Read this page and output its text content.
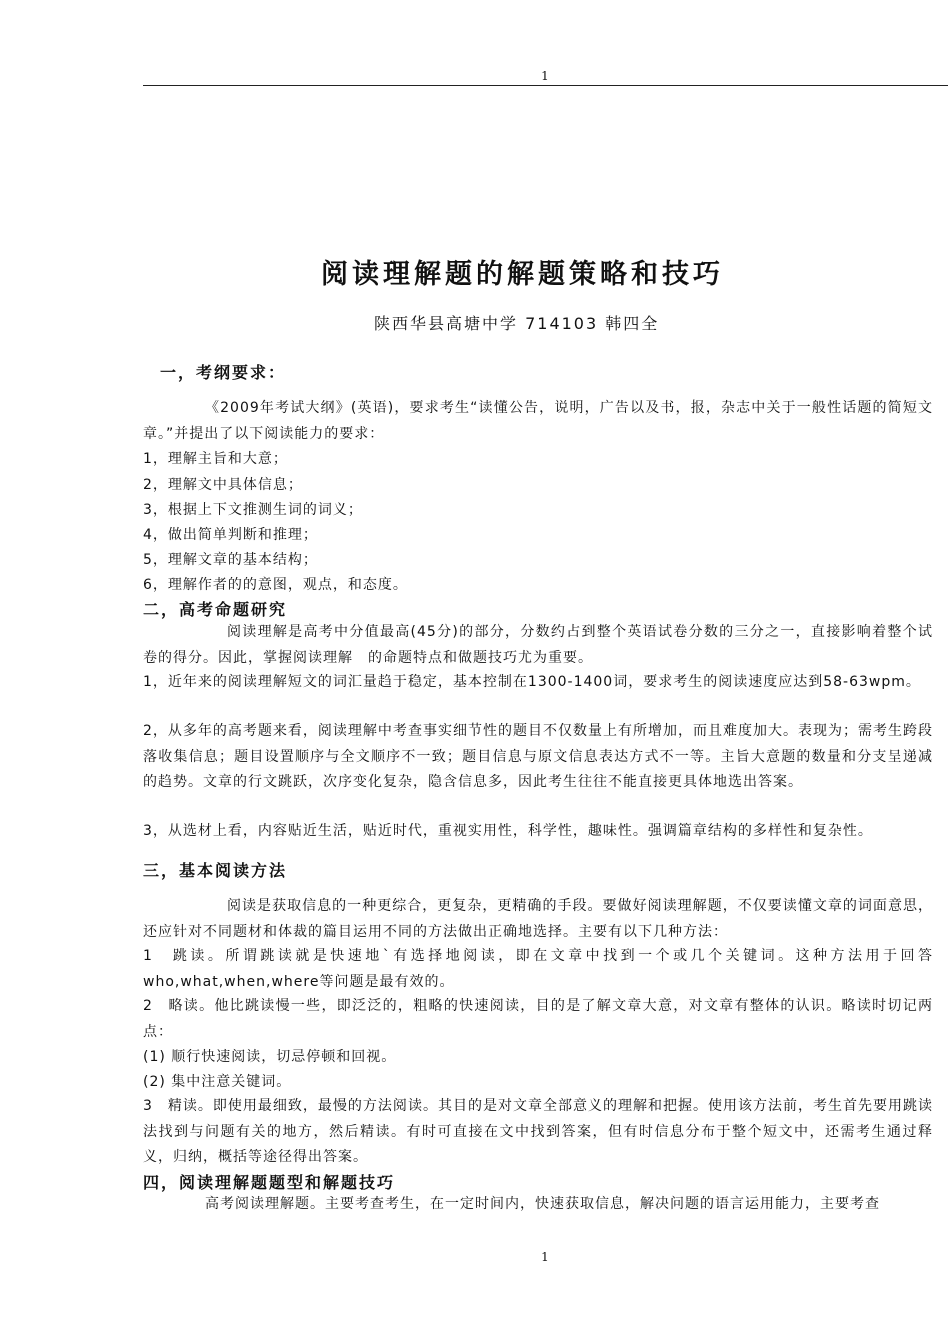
1
阅读理解题的解题策略和技巧
陕西华县高塘中学 714103 韩四全
一，考纲要求：

《2009年考试大纲》(英语)，要求考生“读懂公告，说明，广告以及书，报，杂志中关于一般性话题的简短文章。”并提出了以下阅读能力的要求：

1，理解主旨和大意；
2，理解文中具体信息；
3，根据上下文推测生词的词义；
4，做出简单判断和推理；
5，理解文章的基本结构；
6，理解作者的的意图，观点，和态度。
二，高考命题研究

阅读理解是高考中分值最高(45分)的部分，分数约占到整个英语试卷分数的三分之一，直接影响着整个试卷的得分。因此，掌握阅读理解　的命题特点和做题技巧尤为重要。

1，近年来的阅读理解短文的词汇量趋于稳定，基本控制在1300-1400词，要求考生的阅读速度应达到58-63wpm。

2，从多年的高考题来看，阅读理解中考查事实细节性的题目不仅数量上有所增加，而且难度加大。表现为；需考生跨段落收集信息；题目设置顺序与全文顺序不一致；题目信息与原文信息表达方式不一等。主旨大意题的数量和分支呈递减的趋势。文章的行文跳跃，次序变化复杂，隐含信息多，因此考生往往不能直接更具体地选出答案。

3，从选材上看，内容贴近生活，贴近时代，重视实用性，科学性，趣味性。强调篇章结构的多样性和复杂性。

三，基本阅读方法

阅读是获取信息的一种更综合，更复杂，更精确的手段。要做好阅读理解题，不仅要读懂文章的词面意思，还应针对不同题材和体裁的篇目运用不同的方法做出正确地选择。主要有以下几种方法：

1　跳读。所谓跳读就是快速地`有选择地阅读，即在文章中找到一个或几个关键词。这种方法用于回答who,what,when,where等问题是最有效的。

2　略读。他比跳读慢一些，即泛泛的，粗略的快速阅读，目的是了解文章大意，对文章有整体的认识。略读时切记两点：

(1) 顺行快速阅读，切忌停顿和回视。
(2) 集中注意关键词。

3　精读。即使用最细致，最慢的方法阅读。其目的是对文章全部意义的理解和把握。使用该方法前，考生首先要用跳读法找到与问题有关的地方，然后精读。有时可直接在文中找到答案，但有时信息分布于整个短文中，还需考生通过释义，归纳，概括等途径得出答案。

四，阅读理解题题型和解题技巧

高考阅读理解题。主要考查考生，在一定时间内，快速获取信息，解决问题的语言运用能力，主要考查

1
